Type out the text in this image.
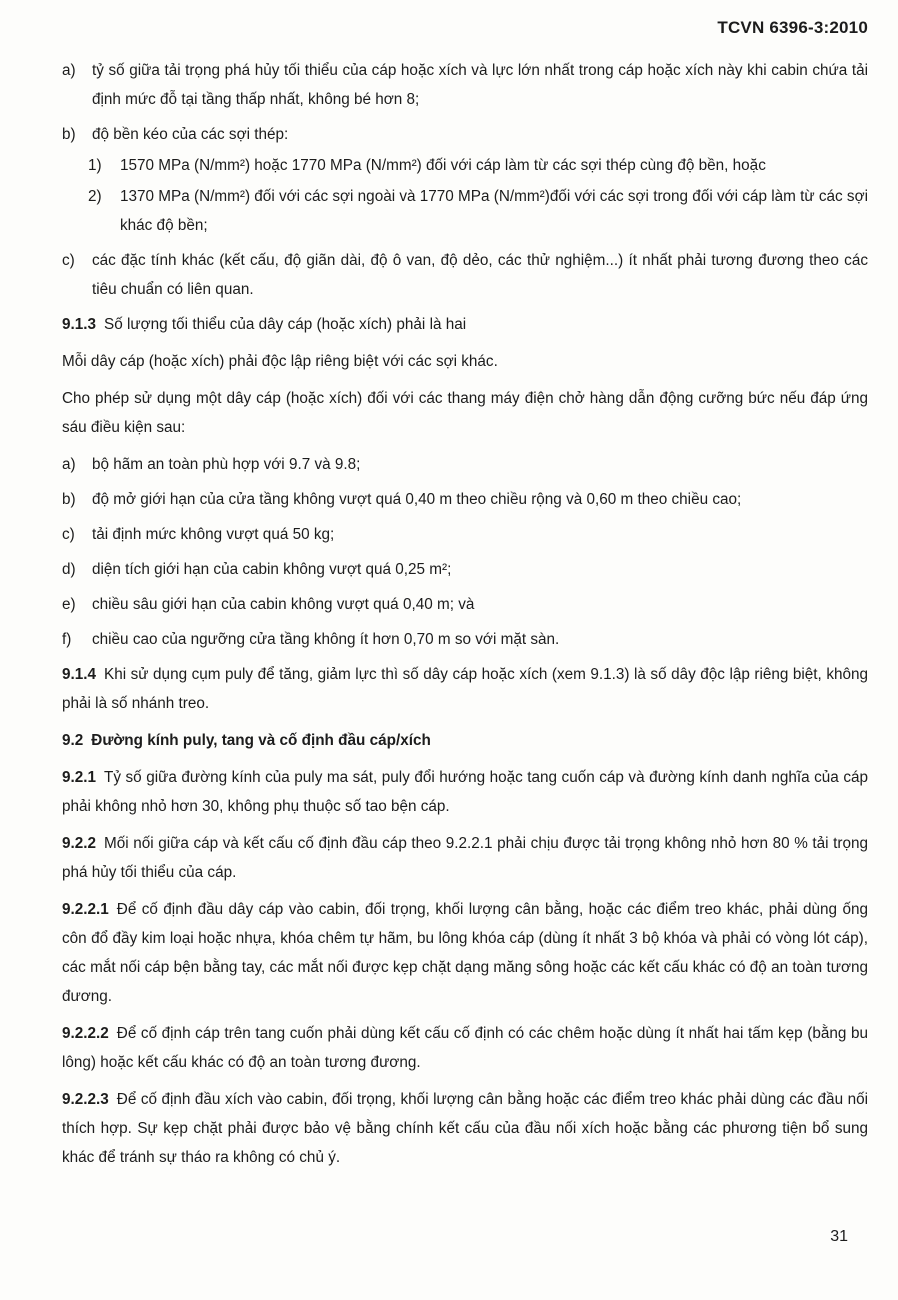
TCVN 6396-3:2010
a)	tỷ số giữa tải trọng phá hủy tối thiểu của cáp hoặc xích và lực lớn nhất trong cáp hoặc xích này khi cabin chứa tải định mức đỗ tại tầng thấp nhất, không bé hơn 8;
b)	độ bền kéo của các sợi thép:
1)	1570 MPa (N/mm²) hoặc 1770 MPa (N/mm²) đối với cáp làm từ các sợi thép cùng độ bền, hoặc
2)	1370 MPa (N/mm²) đối với các sợi ngoài và 1770 MPa (N/mm²)đối với các sợi trong đối với cáp làm từ các sợi khác độ bền;
c)	các đặc tính khác (kết cấu, độ giãn dài, độ ô van, độ dẻo, các thử nghiệm...) ít nhất phải tương đương theo các tiêu chuẩn có liên quan.
9.1.3 Số lượng tối thiểu của dây cáp (hoặc xích) phải là hai
Mỗi dây cáp (hoặc xích) phải độc lập riêng biệt với các sợi khác.
Cho phép sử dụng một dây cáp (hoặc xích) đối với các thang máy điện chở hàng dẫn động cưỡng bức nếu đáp ứng sáu điều kiện sau:
a)	bộ hãm an toàn phù hợp với 9.7 và 9.8;
b)	độ mở giới hạn của cửa tầng không vượt quá 0,40 m theo chiều rộng và 0,60 m theo chiều cao;
c)	tải định mức không vượt quá 50 kg;
d)	diện tích giới hạn của cabin không vượt quá 0,25 m²;
e)	chiều sâu giới hạn của cabin không vượt quá 0,40 m; và
f)	chiều cao của ngưỡng cửa tầng không ít hơn 0,70 m so với mặt sàn.
9.1.4 Khi sử dụng cụm puly để tăng, giảm lực thì số dây cáp hoặc xích (xem 9.1.3) là số dây độc lập riêng biệt, không phải là số nhánh treo.
9.2 Đường kính puly, tang và cố định đầu cáp/xích
9.2.1 Tỷ số giữa đường kính của puly ma sát, puly đổi hướng hoặc tang cuốn cáp và đường kính danh nghĩa của cáp phải không nhỏ hơn 30, không phụ thuộc số tao bện cáp.
9.2.2 Mối nối giữa cáp và kết cấu cố định đầu cáp theo 9.2.2.1 phải chịu được tải trọng không nhỏ hơn 80 % tải trọng phá hủy tối thiểu của cáp.
9.2.2.1 Để cố định đầu dây cáp vào cabin, đối trọng, khối lượng cân bằng, hoặc các điểm treo khác, phải dùng ống côn đổ đầy kim loại hoặc nhựa, khóa chêm tự hãm, bu lông khóa cáp (dùng ít nhất 3 bộ khóa và phải có vòng lót cáp), các mắt nối cáp bện bằng tay, các mắt nối được kẹp chặt dạng măng sông hoặc các kết cấu khác có độ an toàn tương đương.
9.2.2.2 Để cố định cáp trên tang cuốn phải dùng kết cấu cố định có các chêm hoặc dùng ít nhất hai tấm kẹp (bằng bu lông) hoặc kết cấu khác có độ an toàn tương đương.
9.2.2.3 Để cố định đầu xích vào cabin, đối trọng, khối lượng cân bằng hoặc các điểm treo khác phải dùng các đầu nối thích hợp. Sự kẹp chặt phải được bảo vệ bằng chính kết cấu của đầu nối xích hoặc bằng các phương tiện bổ sung khác để tránh sự tháo ra không có chủ ý.
31
